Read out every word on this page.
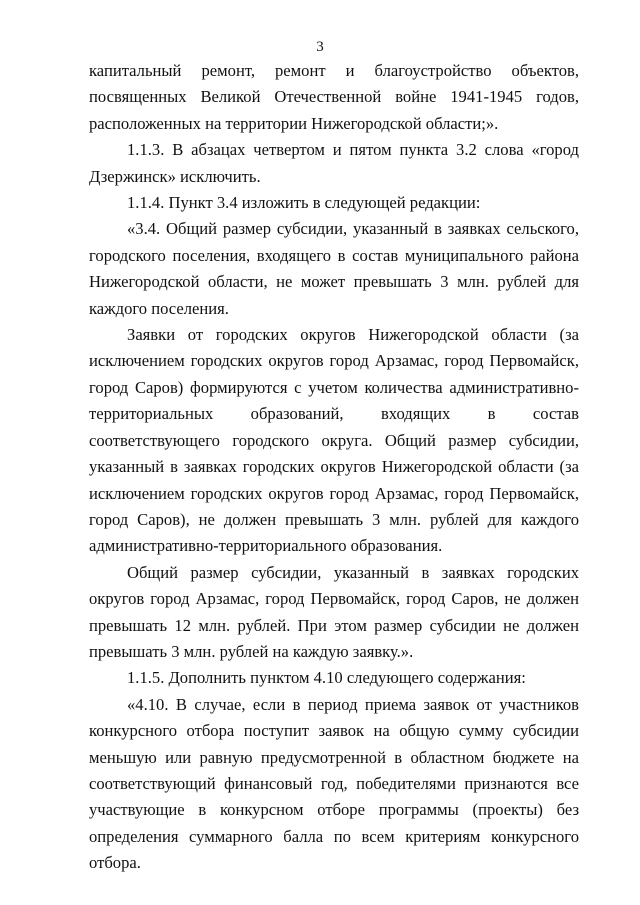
3

капитальный ремонт, ремонт и благоустройство объектов, посвященных Великой Отечественной войне 1941-1945 годов, расположенных на территории Нижегородской области;».

1.1.3. В абзацах четвертом и пятом пункта 3.2 слова «город Дзержинск» исключить.

1.1.4. Пункт 3.4 изложить в следующей редакции:

«3.4. Общий размер субсидии, указанный в заявках сельского, городского поселения, входящего в состав муниципального района Нижегородской области, не может превышать 3 млн. рублей для каждого поселения.

Заявки от городских округов Нижегородской области (за исключением городских округов город Арзамас, город Первомайск, город Саров) формируются с учетом количества административно-территориальных образований, входящих в состав соответствующего городского округа. Общий размер субсидии, указанный в заявках городских округов Нижегородской области (за исключением городских округов город Арзамас, город Первомайск, город Саров), не должен превышать 3 млн. рублей для каждого административно-территориального образования.

Общий размер субсидии, указанный в заявках городских округов город Арзамас, город Первомайск, город Саров, не должен превышать 12 млн. рублей. При этом размер субсидии не должен превышать 3 млн. рублей на каждую заявку.».

1.1.5. Дополнить пунктом 4.10 следующего содержания:

«4.10. В случае, если в период приема заявок от участников конкурсного отбора поступит заявок на общую сумму субсидии меньшую или равную предусмотренной в областном бюджете на соответствующий финансовый год, победителями признаются все участвующие в конкурсном отборе программы (проекты) без определения суммарного балла по всем критериям конкурсного отбора.
